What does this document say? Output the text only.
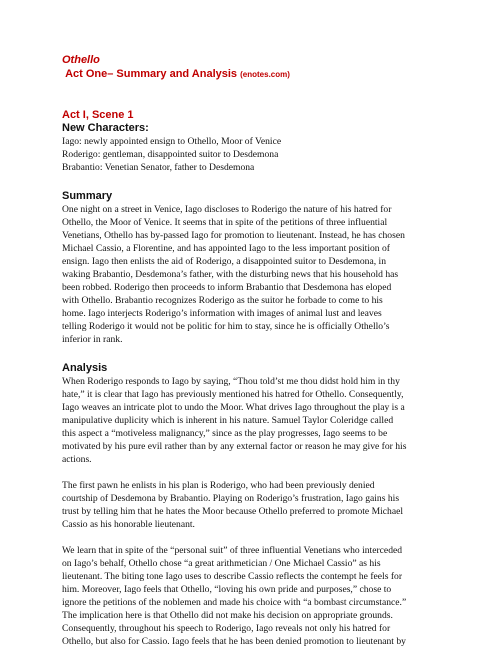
Othello
Act One– Summary and Analysis (enotes.com)
Act I, Scene 1
New Characters:

Iago: newly appointed ensign to Othello, Moor of Venice

Roderigo: gentleman, disappointed suitor to Desdemona

Brabantio: Venetian Senator, father to Desdemona

Summary

One night on a street in Venice, Iago discloses to Roderigo the nature of his hatred for

Othello, the Moor of Venice. It seems that in spite of the petitions of three influential

Venetians, Othello has by-passed Iago for promotion to lieutenant. Instead, he has chosen

Michael Cassio, a Florentine, and has appointed Iago to the less important position of

ensign. Iago then enlists the aid of Roderigo, a disappointed suitor to Desdemona, in

waking Brabantio, Desdemona’s father, with the disturbing news that his household has

been robbed. Roderigo then proceeds to inform Brabantio that Desdemona has eloped

with Othello. Brabantio recognizes Roderigo as the suitor he forbade to come to his

home. Iago interjects Roderigo’s information with images of animal lust and leaves

telling Roderigo it would not be politic for him to stay, since he is officially Othello’s

inferior in rank.

Analysis

When Roderigo responds to Iago by saying, “Thou told’st me thou didst hold him in thy

hate,” it is clear that Iago has previously mentioned his hatred for Othello. Consequently,

Iago weaves an intricate plot to undo the Moor. What drives Iago throughout the play is a

manipulative duplicity which is inherent in his nature. Samuel Taylor Coleridge called

this aspect a “motiveless malignancy,” since as the play progresses, Iago seems to be

motivated by his pure evil rather than by any external factor or reason he may give for his

actions.

The first pawn he enlists in his plan is Roderigo, who had been previously denied

courtship of Desdemona by Brabantio. Playing on Roderigo’s frustration, Iago gains his

trust by telling him that he hates the Moor because Othello preferred to promote Michael

Cassio as his honorable lieutenant.

We learn that in spite of the “personal suit” of three influential Venetians who interceded

on Iago’s behalf, Othello chose “a great arithmetician / One Michael Cassio” as his

lieutenant. The biting tone Iago uses to describe Cassio reflects the contempt he feels for

him. Moreover, Iago feels that Othello, “loving his own pride and purposes,” chose to

ignore the petitions of the noblemen and made his choice with “a bombast circumstance.”

The implication here is that Othello did not make his decision on appropriate grounds.

Consequently, throughout his speech to Roderigo, Iago reveals not only his hatred for

Othello, but also for Cassio. Iago feels that he has been denied promotion to lieutenant by
